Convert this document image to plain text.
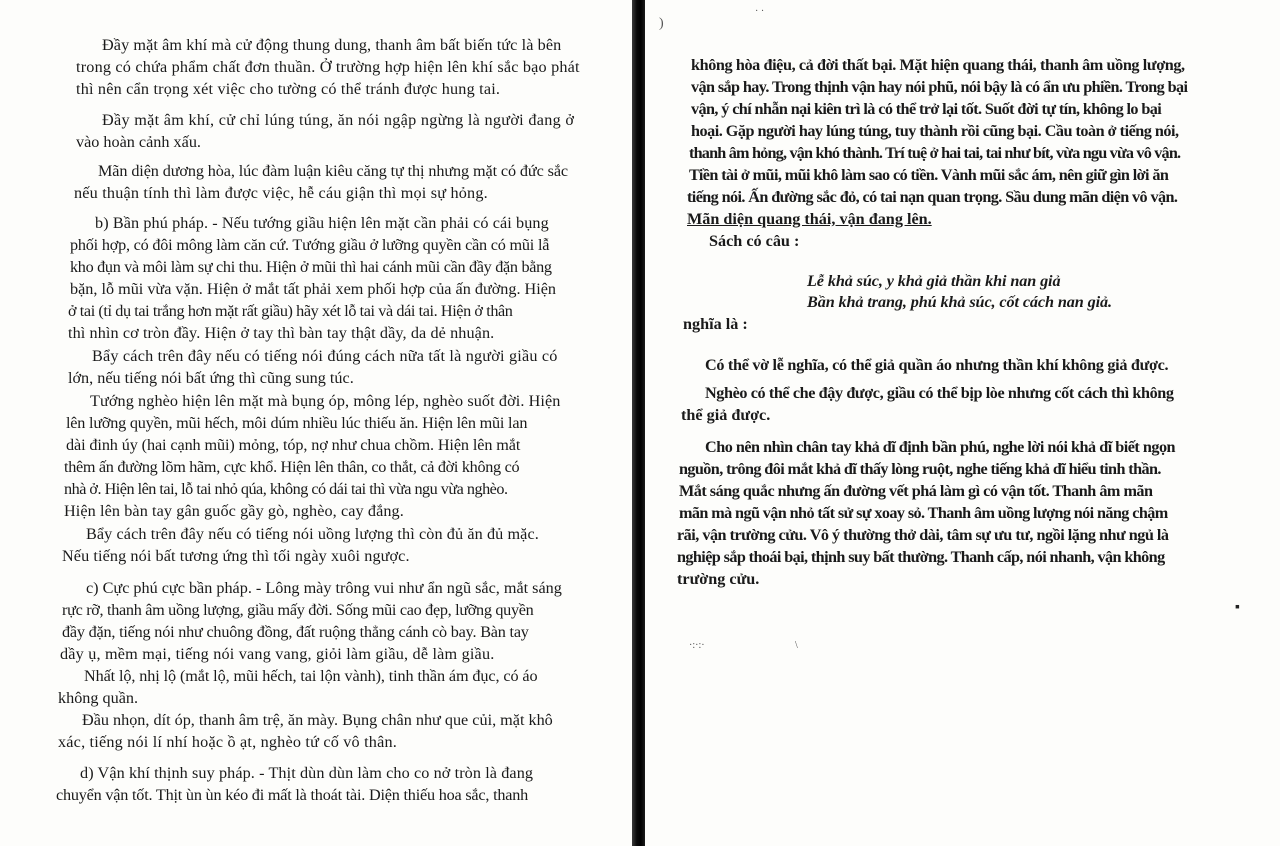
Đầy mặt âm khí mà cử động thung dung, thanh âm bất biến tức là bên
trong có chứa phẩm chất đơn thuần. Ở trường hợp hiện lên khí sắc bạo phát
thì nên cẩn trọng xét việc cho tường có thể tránh được hung tai.
Đầy mặt âm khí, cử chỉ lúng túng, ăn nói ngập ngừng là người đang ở
vào hoàn cảnh xấu.
Mãn diện dương hòa, lúc đàm luận kiêu căng tự thị nhưng mặt có đức sắc
nếu thuận tính thì làm được việc, hễ cáu giận thì mọi sự hỏng.
b) Bần phú pháp. - Nếu tướng giầu hiện lên mặt cần phải có cái bụng
phối hợp, có đôi mông làm căn cứ. Tướng giầu ở lưỡng quyền cần có mũi lẫ
kho đụn và môi làm sự chi thu. Hiện ở mũi thì hai cánh mũi cần đầy đặn bằng
bặn, lỗ mũi vừa vặn. Hiện ở mắt tất phải xem phối hợp của ấn đường. Hiện
ở tai (tỉ dụ tai trắng hơn mặt rất giầu) hãy xét lỗ tai và dái tai. Hiện ở thân
thì nhìn cơ tròn đầy. Hiện ở tay thì bàn tay thật dầy, da dẻ nhuận.
Bẩy cách trên đây nếu có tiếng nói đúng cách nữa tất là người giầu có
lớn, nếu tiếng nói bất ứng thì cũng sung túc.
Tướng nghèo hiện lên mặt mà bụng óp, mông lép, nghèo suốt đời. Hiện
lên lưỡng quyền, mũi hếch, môi dúm nhiều lúc thiếu ăn. Hiện lên mũi lan
dài đinh úy (hai cạnh mũi) mỏng, tóp, nợ như chua chồm. Hiện lên mắt
thêm ấn đường lõm hãm, cực khổ. Hiện lên thân, co thắt, cả đời không có
nhà ở. Hiện lên tai, lỗ tai nhỏ qúa, không có dái tai thì vừa ngu vừa nghèo.
Hiện lên bàn tay gân guốc gầy gò, nghèo, cay đắng.
Bẩy cách trên đây nếu có tiếng nói uồng lượng thì còn đủ ăn đủ mặc.
Nếu tiếng nói bất tương ứng thì tối ngày xuôi ngược.
c) Cực phú cực bần pháp. - Lông mày trông vui như ẩn ngũ sắc, mắt sáng
rực rỡ, thanh âm uồng lượng, giầu mấy đời. Sống mũi cao đẹp, lưỡng quyền
đầy đặn, tiếng nói như chuông đồng, đất ruộng thẳng cánh cò bay. Bàn tay
dầy ụ, mềm mại, tiếng nói vang vang, giỏi làm giầu, dễ làm giầu.
Nhất lộ, nhị lộ (mắt lộ, mũi hếch, tai lộn vành), tinh thần ám đục, có áo
không quần.
Đầu nhọn, dít óp, thanh âm trệ, ăn mày. Bụng chân như que củi, mặt khô
xác, tiếng nói lí nhí hoặc ồ ạt, nghèo tứ cố vô thân.
d) Vận khí thịnh suy pháp. - Thịt dùn dùn làm cho co nở tròn là đang
chuyển vận tốt. Thịt ùn ùn kéo đi mất là thoát tài. Diện thiếu hoa sắc, thanh
không hòa điệu, cả đời thất bại. Mặt hiện quang thái, thanh âm uồng lượng,
vận sắp hay. Trong thịnh vận hay nói phũ, nói bậy là có ẩn ưu phiền. Trong bại
vận, ý chí nhẫn nại kiên trì là có thể trở lại tốt. Suốt đời tự tín, không lo bại
hoại. Gặp người hay lúng túng, tuy thành rồi cũng bại. Cầu toàn ở tiếng nói,
thanh âm hỏng, vận khó thành. Trí tuệ ở hai tai, tai như bít, vừa ngu vừa vô vận.
Tiền tài ở mũi, mũi khô làm sao có tiền. Vành mũi sắc ám, nên giữ gìn lời ăn
tiếng nói. Ấn đường sắc đỏ, có tai nạn quan trọng. Sầu dung mãn diện vô vận.
Mãn diện quang thái, vận đang lên.
Sách có câu :
Lễ khả súc, y khả giả thần khi nan giả
Bần khả trang, phú khả súc, cốt cách nan giả.
nghĩa là :
Có thể vờ lễ nghĩa, có thể giả quần áo nhưng thần khí không giả được.
Nghèo có thể che đậy được, giầu có thể bịp lòe nhưng cốt cách thì không
thể giả được.
Cho nên nhìn chân tay khả dĩ định bần phú, nghe lời nói khả dĩ biết ngọn
nguồn, trông đôi mắt khả dĩ thấy lòng ruột, nghe tiếng khả dĩ hiểu tinh thần.
Mắt sáng quắc nhưng ấn đường vết phá làm gì có vận tốt. Thanh âm mãn
mãn mà ngũ vận nhỏ tất sử sự xoay sỏ. Thanh âm uồng lượng nói năng chậm
rãi, vận trường cửu. Vô ý thường thở dài, tâm sự ưu tư, ngồi lặng như ngủ là
nghiệp sắp thoái bại, thịnh suy bất thường. Thanh cấp, nói nhanh, vận không
trường cửu.
· ·
)
·:·:·	\
▪
